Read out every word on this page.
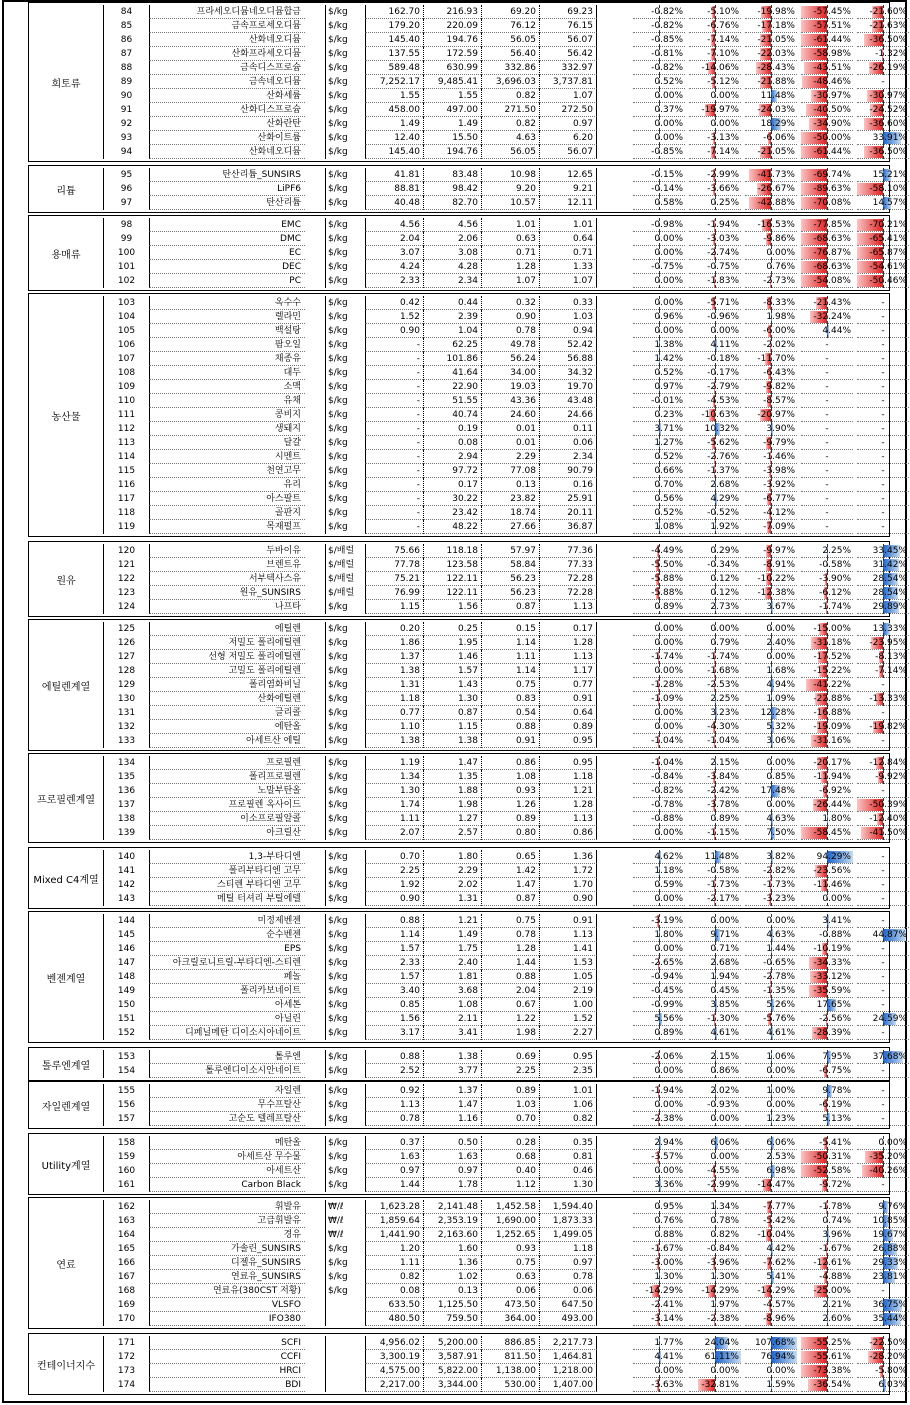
희토류
84	프라세오디뮴네오디뮴합금	$/kg	162.70	216.93	69.20	69.23	-0.82%	-5.10%	-19.98%	-57.45%	-21.60%
85	금속프로세오디뮴	$/kg	179.20	220.09	76.12	76.15	-0.82%	-6.76%	-17.18%	-57.51%	-21.63%
86	산화네오디뮴	$/kg	145.40	194.76	56.05	56.07	-0.85%	-7.14%	-21.05%	-61.44%	-36.50%
87	산화프라세오디뮴	$/kg	137.55	172.59	56.40	56.42	-0.81%	-7.10%	-22.03%	-58.98%	-1.32%
88	금속디스프로슘	$/kg	589.48	630.99	332.86	332.97	-0.82%	-14.06%	-28.43%	-43.51%	-26.19%
89	금속네오디뮴	$/kg	7,252.17	9,485.41	3,696.03	3,737.81	0.52%	-5.12%	-21.88%	-48.46%	-
90	산화세륨	$/kg	1.55	1.55	0.82	1.07	0.00%	0.00%	11.48%	-30.97%	-30.97%
91	산화디스프로슘	$/kg	458.00	497.00	271.50	272.50	0.37%	-19.97%	-24.03%	-40.50%	-24.52%
92	산화란탄	$/kg	1.49	1.49	0.82	0.97	0.00%	0.00%	18.29%	-34.90%	-36.60%
93	산화이트륨	$/kg	12.40	15.50	4.63	6.20	0.00%	-3.13%	-6.06%	-50.00%	33.91%
94	산화네오디뮴	$/kg	145.40	194.76	56.05	56.07	-0.85%	-7.14%	-21.05%	-61.44%	-36.50%
리튬
95	탄산리튬_SUNSIRS	$/kg	41.81	83.48	10.98	12.65	-0.15%	-2.99%	-41.73%	-69.74%	15.21%
96	LiPF6	$/kg	88.81	98.42	9.20	9.21	-0.14%	-3.66%	-26.67%	-89.63%	-58.10%
97	탄산리튬	$/kg	40.48	82.70	10.57	12.11	0.58%	0.25%	-42.88%	-70.08%	14.57%
용매류
98	EMC	$/kg	4.56	4.56	1.01	1.01	-0.98%	-1.94%	-16.53%	-77.85%	-70.21%
99	DMC	$/kg	2.04	2.06	0.63	0.64	0.00%	-3.03%	-9.86%	-68.63%	-65.41%
100	EC	$/kg	3.07	3.08	0.71	0.71	0.00%	-2.74%	0.00%	-76.87%	-65.87%
101	DEC	$/kg	4.24	4.28	1.28	1.33	-0.75%	-0.75%	0.76%	-68.63%	-54.61%
102	PC	$/kg	2.33	2.34	1.07	1.07	0.00%	-1.83%	-2.73%	-54.08%	-50.46%
농산물
103	옥수수	$/kg	0.42	0.44	0.32	0.33	0.00%	-5.71%	-8.33%	-21.43%	-
104	렐라민	$/kg	1.52	2.39	0.90	1.03	0.96%	-0.96%	1.98%	-32.24%	-
105	백설탕	$/kg	0.90	1.04	0.78	0.94	0.00%	0.00%	-6.00%	4.44%	-
106	팜오일	$/kg	-	62.25	49.78	52.42	1.38%	4.11%	-2.02%	-	-
107	채종유	$/kg	-	101.86	56.24	56.88	1.42%	-0.18%	-11.70%	-	-
108	대두	$/kg	-	41.64	34.00	34.32	0.52%	-0.17%	-6.43%	-	-
109	소맥	$/kg	-	22.90	19.03	19.70	0.97%	-2.79%	-9.82%	-	-
110	유채	$/kg	-	51.55	43.36	43.48	-0.01%	-4.53%	-8.57%	-	-
111	콩비지	$/kg	-	40.74	24.60	24.66	0.23%	-10.63%	-20.97%	-	-
112	생돼지	$/kg	-	0.19	0.01	0.11	3.71%	10.32%	3.90%	-	-
113	달걀	$/kg	-	0.08	0.01	0.06	1.27%	-5.62%	-9.79%	-	-
114	시멘트	$/kg	-	2.94	2.29	2.34	0.52%	-2.76%	-1.46%	-	-
115	천연고무	$/kg	-	97.72	77.08	90.79	0.66%	-1.37%	-3.98%	-	-
116	유리	$/kg	-	0.17	0.13	0.16	0.70%	2.68%	-3.92%	-	-
117	아스팔트	$/kg	-	30.22	23.82	25.91	0.56%	4.29%	-6.77%	-	-
118	골판지	$/kg	-	23.42	18.74	20.11	0.52%	-0.52%	-4.12%	-	-
119	목재펄프	$/kg	-	48.22	27.66	36.87	1.08%	1.92%	-7.09%	-	-
원유
120	두바이유	$/배럴	75.66	118.18	57.97	77.36	-4.49%	0.29%	-9.97%	2.25%	33.45%
121	브렌트유	$/배럴	77.78	123.58	58.84	77.33	-5.50%	-0.34%	-8.91%	-0.58%	31.42%
122	서부텍사스유	$/배럴	75.21	122.11	56.23	72.28	-5.88%	0.12%	-10.22%	-3.90%	28.54%
123	원유_SUNSIRS	$/배럴	76.99	122.11	56.23	72.28	-5.88%	0.12%	-12.38%	-6.12%	28.54%
124	나프타	$/kg	1.15	1.56	0.87	1.13	0.89%	2.73%	3.67%	-1.74%	29.89%
에틸렌계열
125	에틸렌	$/kg	0.20	0.25	0.15	0.17	0.00%	0.00%	0.00%	-15.00%	13.33%
126	저밀도 폴리에틸렌	$/kg	1.86	1.95	1.14	1.28	0.00%	0.79%	2.40%	-31.18%	-23.95%
127	선형 저밀도 폴리에틸렌	$/kg	1.37	1.46	1.11	1.13	-1.74%	-1.74%	0.00%	-17.52%	-8.13%
128	고밀도 폴리에틸렌	$/kg	1.38	1.57	1.14	1.17	0.00%	-1.68%	1.68%	-15.22%	-7.14%
129	폴리염화비닐	$/kg	1.31	1.43	0.75	0.77	-1.28%	-2.53%	4.94%	-41.22%	-
130	산화에틸렌	$/kg	1.18	1.30	0.83	0.91	-1.09%	2.25%	1.09%	-22.88%	-13.33%
131	글리콜	$/kg	0.77	0.87	0.54	0.64	0.00%	3.23%	12.28%	-16.88%	-
132	에탄올	$/kg	1.10	1.15	0.88	0.89	0.00%	-4.30%	5.32%	-19.09%	-19.82%
133	아세트산 에틸	$/kg	1.38	1.38	0.91	0.95	-1.04%	-1.04%	3.06%	-31.16%	-
프로필렌계열
134	프로필렌	$/kg	1.19	1.47	0.86	0.95	-1.04%	2.15%	0.00%	-20.17%	-12.84%
135	폴리프로필렌	$/kg	1.34	1.35	1.08	1.18	-0.84%	-3.84%	0.85%	-11.94%	-9.92%
136	노말부탄올	$/kg	1.30	1.88	0.93	1.21	-0.82%	-2.42%	17.48%	-6.92%	-
137	프로필렌 옥사이드	$/kg	1.74	1.98	1.26	1.28	-0.78%	-3.78%	0.00%	-26.44%	-50.39%
138	이소프로필알콜	$/kg	1.11	1.27	0.89	1.13	-0.88%	0.89%	4.63%	1.80%	-12.40%
139	아크릴산	$/kg	2.07	2.57	0.80	0.86	0.00%	-1.15%	7.50%	-58.45%	-41.50%
Mixed C4계열
140	1,3-부타디엔	$/kg	0.70	1.80	0.65	1.36	4.62%	11.48%	3.82%	94.29%	-
141	폴리부타디엔 고무	$/kg	2.25	2.29	1.42	1.72	1.18%	-0.58%	-2.82%	-23.56%	-
142	스티렌 부타디엔 고무	$/kg	1.92	2.02	1.47	1.70	0.59%	-1.73%	-1.73%	-11.46%	-
143	메틸 터셔리 부틸에텔	$/kg	0.90	1.31	0.87	0.90	0.00%	-2.17%	-3.23%	0.00%	-
벤젠계열
144	미정제벤젠	$/kg	0.88	1.21	0.75	0.91	-3.19%	0.00%	0.00%	3.41%	-
145	순수벤젠	$/kg	1.14	1.49	0.78	1.13	1.80%	9.71%	4.63%	-0.88%	44.87%
146	EPS	$/kg	1.57	1.75	1.28	1.41	0.00%	0.71%	1.44%	-10.19%	-
147	아크릴로니트릴-부타디엔-스티렌	$/kg	2.33	2.40	1.44	1.53	-2.65%	2.68%	-0.65%	-34.33%	-
148	페놀	$/kg	1.57	1.81	0.88	1.05	-0.94%	1.94%	-2.78%	-33.12%	-
149	폴리카보네이트	$/kg	3.40	3.68	2.04	2.19	-0.45%	0.45%	-1.35%	-35.59%	-
150	아세톤	$/kg	0.85	1.08	0.67	1.00	-0.99%	3.85%	5.26%	17.65%	-
151	아닐린	$/kg	1.56	2.11	1.22	1.52	5.56%	-1.30%	-5.76%	-2.56%	24.59%
152	디페닐메탄 디이소시아네이트	$/kg	3.17	3.41	1.98	2.27	0.89%	4.61%	4.61%	-28.39%	-
톨루엔계열
153	톨루엔	$/kg	0.88	1.38	0.69	0.95	-2.06%	2.15%	1.06%	7.95%	37.68%
154	톨루엔디이소시안네이트	$/kg	2.52	3.77	2.25	2.35	0.00%	0.86%	0.00%	-6.75%	-
자일렌계열
155	자일렌	$/kg	0.92	1.37	0.89	1.01	-1.94%	2.02%	1.00%	9.78%	-
156	무수프탈산	$/kg	1.13	1.47	1.03	1.06	0.00%	-0.93%	0.00%	-6.19%	-
157	고순도 텔레프탈산	$/kg	0.78	1.16	0.70	0.82	-2.38%	0.00%	1.23%	5.13%	-
Utility계열
158	메탄올	$/kg	0.37	0.50	0.28	0.35	2.94%	6.06%	6.06%	-5.41%	0.00%
159	아세트산 무수물	$/kg	1.63	1.63	0.68	0.81	-3.57%	0.00%	2.53%	-50.31%	-35.20%
160	아세트산	$/kg	0.97	0.97	0.40	0.46	0.00%	-4.55%	6.98%	-52.58%	-40.26%
161	Carbon Black	$/kg	1.44	1.78	1.12	1.30	3.36%	-2.99%	-14.47%	-9.72%	-
연료
162	휘발유	₩/ℓ	1,623.28	2,141.48	1,452.58	1,594.40	0.95%	1.34%	-7.77%	-1.78%	9.76%
163	고급휘발유	₩/ℓ	1,859.64	2,353.19	1,690.00	1,873.33	0.76%	0.78%	-5.42%	0.74%	10.85%
164	경유	₩/ℓ	1,441.90	2,163.60	1,252.65	1,499.05	0.88%	0.82%	-10.04%	3.96%	19.67%
165	가솔린_SUNSIRS	$/kg	1.20	1.60	0.93	1.18	-1.67%	-0.84%	4.42%	-1.67%	26.88%
166	디젤유_SUNSIRS	$/kg	1.11	1.36	0.75	0.97	-3.00%	-3.96%	-7.62%	-12.61%	29.33%
167	연료유_SUNSIRS	$/kg	0.82	1.02	0.63	0.78	1.30%	1.30%	5.41%	-4.88%	23.81%
168	연료유(380CST 저황)	$/kg	0.08	0.13	0.06	0.06	-14.29%	-14.29%	-14.29%	-25.00%	-
169	VLSFO	633.50	1,125.50	473.50	647.50	-2.41%	1.97%	-4.57%	2.21%	36.75%
170	IFO380	480.50	759.50	364.00	493.00	-3.14%	-2.38%	-8.96%	2.60%	35.44%
컨테이너지수
171	SCFI	4,956.02	5,200.00	886.85	2,217.73	1.77%	24.04%	107.68%	-55.25%	-22.50%
172	CCFI	3,300.19	3,587.91	811.50	1,464.81	4.41%	61.11%	76.94%	-55.61%	-28.20%
173	HRCI	4,575.00	5,822.00	1,138.00	1,218.00	0.00%	0.00%	0.00%	-73.38%	-5.80%
174	BDI	2,217.00	3,344.00	530.00	1,407.00	-3.63%	-32.81%	1.59%	-36.54%	6.03%
